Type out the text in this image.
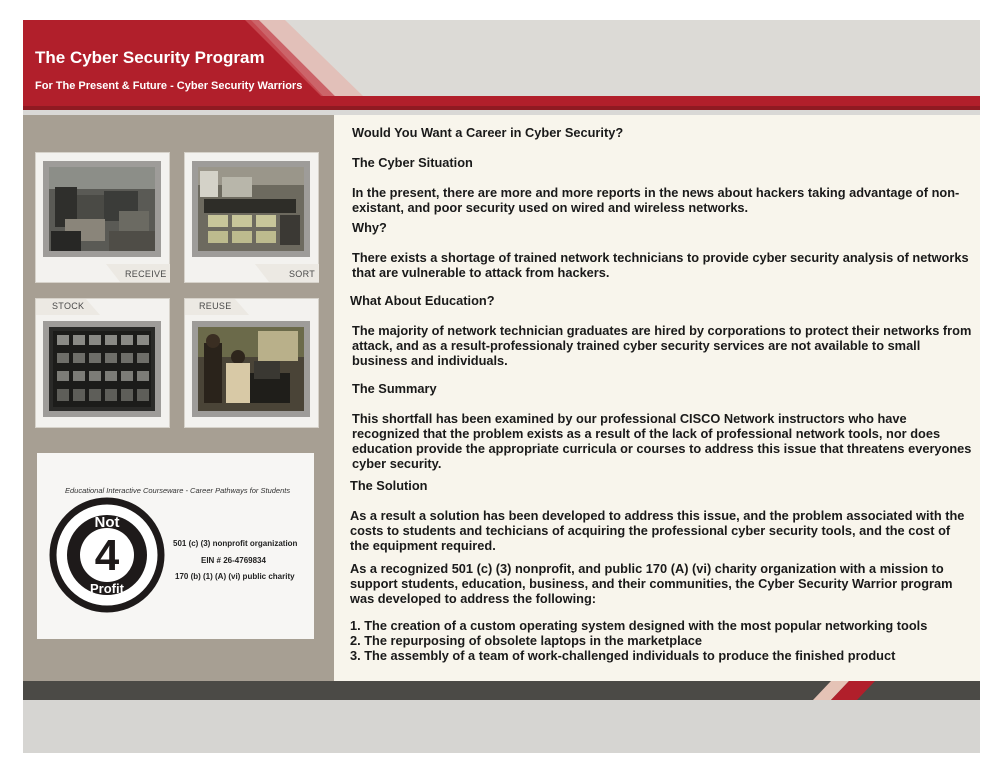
The Cyber Security Program
For The Present & Future - Cyber Security Warriors
RECEIVE	SORT
STOCK	REUSE
Educational Interactive Courseware - Career Pathways for Students
Not
4
Profit
501 (c) (3) nonprofit organization
EIN # 26-4769834
170 (b) (1) (A) (vi) public charity

Would You Want a Career in Cyber Security?

The Cyber Situation

In the present, there are more and more reports in the news about hackers taking advantage of non-existant, and poor security used on wired and wireless networks.

Why?

There exists a shortage of trained network technicians to provide cyber security analysis of networks that are vulnerable to attack from hackers.

What About Education?

The majority of network technician graduates are hired by corporations to protect their networks from attack, and as a result-professionaly trained cyber security services are not available to small business and individuals.

The Summary

This shortfall has been examined by our professional CISCO Network instructors who have recognized that the problem exists as a result of the lack of professional network tools, nor does education provide the appropriate curricula or courses to address this issue that threatens everyones cyber security.

The Solution

As a result a solution has been developed to address this issue, and the problem associated with the costs to students and techicians of acquiring the professional cyber security tools, and the cost of the equipment required.

As a recognized 501 (c) (3) nonprofit, and public 170 (A) (vi) charity organization with a mission to support students, education, business, and their communities, the Cyber Security Warrior program was developed to address the following:

1. The creation of a custom operating system designed with the most popular networking tools

2. The repurposing of obsolete laptops in the marketplace

3. The assembly of a team of work-challenged individuals to produce the finished product
